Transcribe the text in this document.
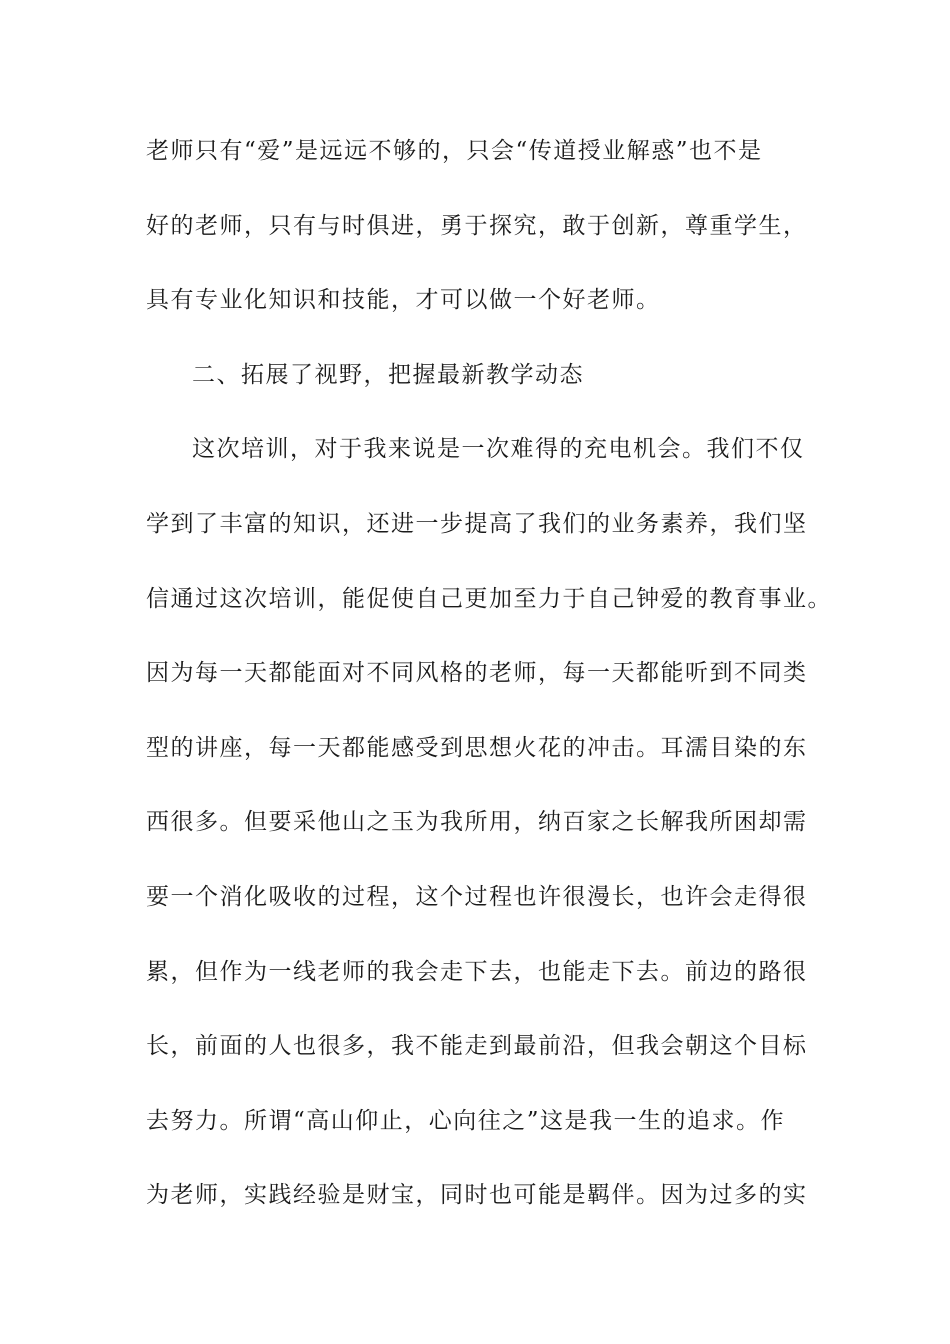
老师只有“爱”是远远不够的，只会“传道授业解惑”也不是
好的老师，只有与时俱进，勇于探究，敢于创新，尊重学生，
具有专业化知识和技能，才可以做一个好老师。
二、拓展了视野，把握最新教学动态
这次培训，对于我来说是一次难得的充电机会。我们不仅
学到了丰富的知识，还进一步提高了我们的业务素养，我们坚
信通过这次培训，能促使自己更加至力于自己钟爱的教育事业。
因为每一天都能面对不同风格的老师，每一天都能听到不同类
型的讲座，每一天都能感受到思想火花的冲击。耳濡目染的东
西很多。但要采他山之玉为我所用，纳百家之长解我所困却需
要一个消化吸收的过程，这个过程也许很漫长，也许会走得很
累，但作为一线老师的我会走下去，也能走下去。前边的路很
长，前面的人也很多，我不能走到最前沿，但我会朝这个目标
去努力。所谓“高山仰止，心向往之”这是我一生的追求。作
为老师，实践经验是财宝，同时也可能是羁伴。因为过多的实
